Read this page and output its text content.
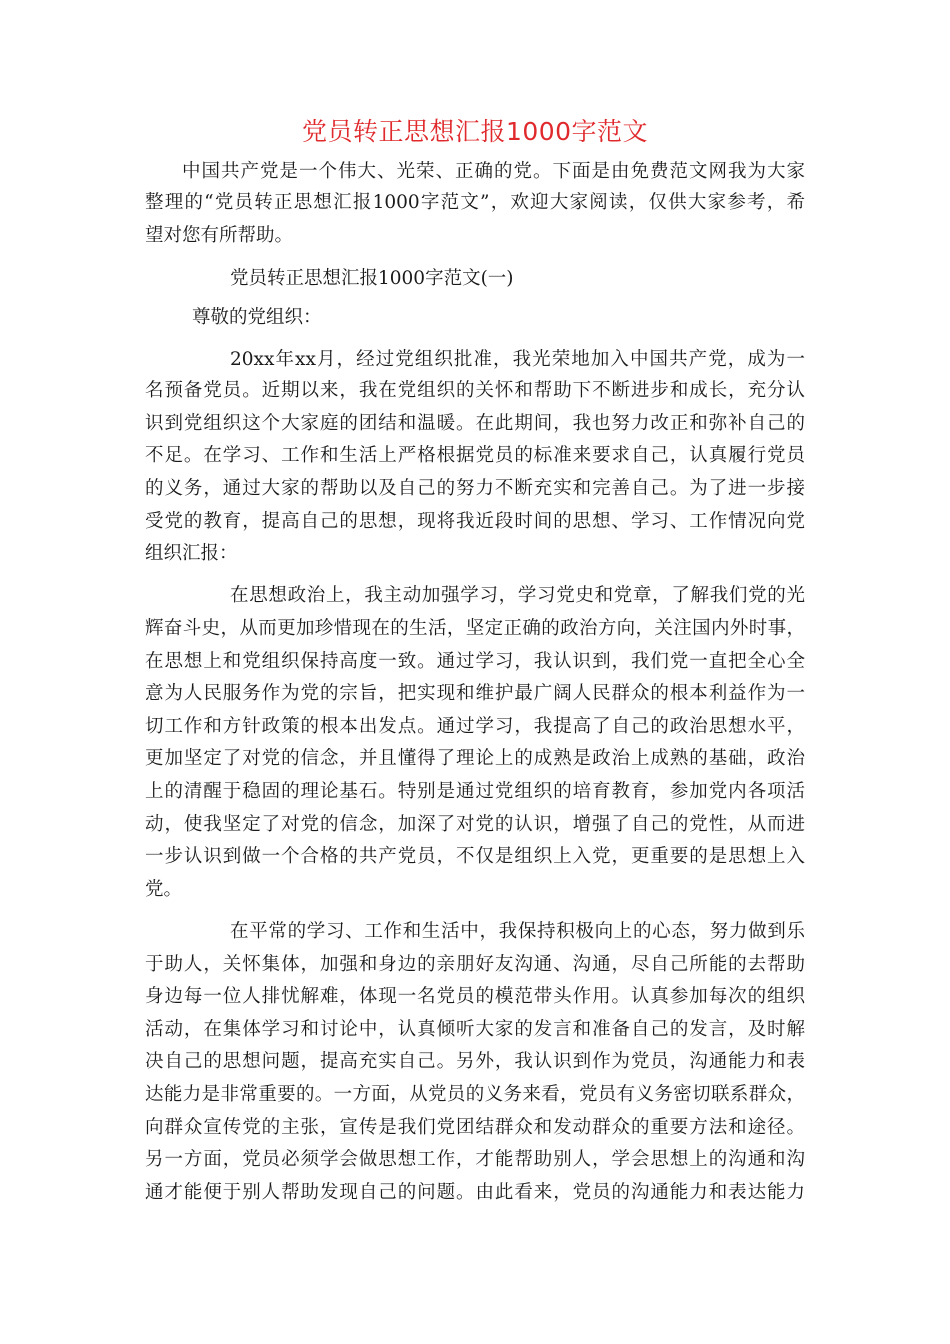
党员转正思想汇报1000字范文
中国共产党是一个伟大、光荣、正确的党。下面是由免费范文网我为大家
整理的“党员转正思想汇报1000字范文”，欢迎大家阅读，仅供大家参考，希
望对您有所帮助。
党员转正思想汇报1000字范文(一)
尊敬的党组织：
20xx年xx月，经过党组织批准，我光荣地加入中国共产党，成为一
名预备党员。近期以来，我在党组织的关怀和帮助下不断进步和成长，充分认
识到党组织这个大家庭的团结和温暖。在此期间，我也努力改正和弥补自己的
不足。在学习、工作和生活上严格根据党员的标准来要求自己，认真履行党员
的义务，通过大家的帮助以及自己的努力不断充实和完善自己。为了进一步接
受党的教育，提高自己的思想，现将我近段时间的思想、学习、工作情况向党
组织汇报：
在思想政治上，我主动加强学习，学习党史和党章，了解我们党的光
辉奋斗史，从而更加珍惜现在的生活，坚定正确的政治方向，关注国内外时事，
在思想上和党组织保持高度一致。通过学习，我认识到，我们党一直把全心全
意为人民服务作为党的宗旨，把实现和维护最广阔人民群众的根本利益作为一
切工作和方针政策的根本出发点。通过学习，我提高了自己的政治思想水平，
更加坚定了对党的信念，并且懂得了理论上的成熟是政治上成熟的基础，政治
上的清醒于稳固的理论基石。特别是通过党组织的培育教育，参加党内各项活
动，使我坚定了对党的信念，加深了对党的认识，增强了自己的党性，从而进
一步认识到做一个合格的共产党员，不仅是组织上入党，更重要的是思想上入
党。
在平常的学习、工作和生活中，我保持积极向上的心态，努力做到乐
于助人，关怀集体，加强和身边的亲朋好友沟通、沟通，尽自己所能的去帮助
身边每一位人排忧解难，体现一名党员的模范带头作用。认真参加每次的组织
活动，在集体学习和讨论中，认真倾听大家的发言和准备自己的发言，及时解
决自己的思想问题，提高充实自己。另外，我认识到作为党员，沟通能力和表
达能力是非常重要的。一方面，从党员的义务来看，党员有义务密切联系群众，
向群众宣传党的主张，宣传是我们党团结群众和发动群众的重要方法和途径。
另一方面，党员必须学会做思想工作，才能帮助别人，学会思想上的沟通和沟
通才能便于别人帮助发现自己的问题。由此看来，党员的沟通能力和表达能力
